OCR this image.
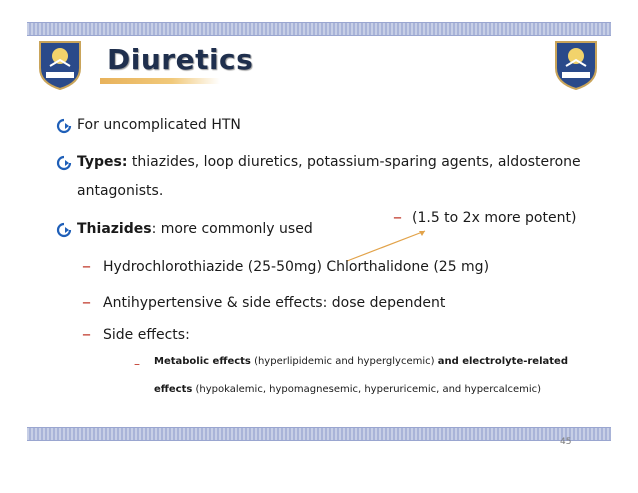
Diuretics
For uncomplicated HTN
Types: thiazides, loop diuretics, potassium-sparing agents, aldosterone
antagonists.
Thiazides: more commonly used
– (1.5 to 2x more potent)
– Hydrochlorothiazide (25-50mg) Chlorthalidone (25 mg)
– Antihypertensive & side effects: dose dependent
– Side effects:
– Metabolic effects (hyperlipidemic and hyperglycemic) and electrolyte-related
effects (hypokalemic, hypomagnesemic, hyperuricemic, and hypercalcemic)
45
